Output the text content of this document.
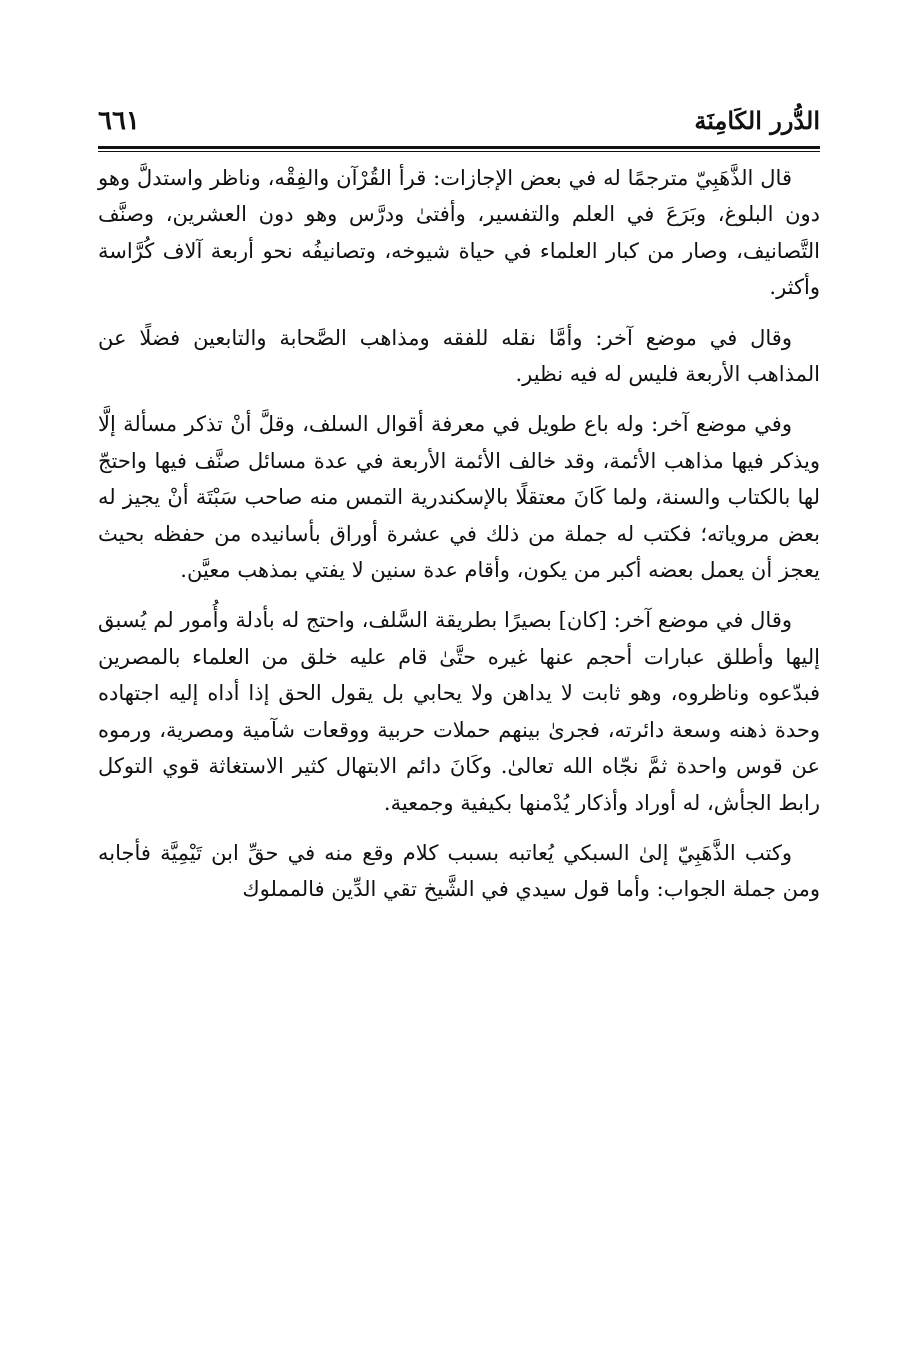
الدُّرر الكَامِنَة
٦٦١

قال الذَّهَبِيّ مترجمًا له في بعض الإجازات: قرأ القُرْآن والفِقْه، وناظر واستدلَّ وهو دون البلوغ، وبَرَعَ في العلم والتفسير، وأفتىٰ ودرَّس وهو دون العشرين، وصنَّف التَّصانيف، وصار من كبار العلماء في حياة شيوخه، وتصانيفُه نحو أربعة آلاف كُرَّاسة وأكثر.

وقال في موضع آخر: وأمَّا نقله للفقه ومذاهب الصَّحابة والتابعين فضلًا عن المذاهب الأربعة فليس له فيه نظير.

وفي موضع آخر: وله باع طويل في معرفة أقوال السلف، وقلَّ أنْ تذكر مسألة إلَّا ويذكر فيها مذاهب الأئمة، وقد خالف الأئمة الأربعة في عدة مسائل صنَّف فيها واحتجّ لها بالكتاب والسنة، ولما كَانَ معتقلًا بالإسكندرية التمس منه صاحب سَبْتَة أنْ يجيز له بعض مروياته؛ فكتب له جملة من ذلك في عشرة أوراق بأسانيده من حفظه بحيث يعجز أن يعمل بعضه أكبر من يكون، وأقام عدة سنين لا يفتي بمذهب معيَّن.

وقال في موضع آخر: [كان] بصيرًا بطريقة السَّلف، واحتج له بأدلة وأُمور لم يُسبق إليها وأطلق عبارات أحجم عنها غيره حتَّىٰ قام عليه خلق من العلماء بالمصرين فبدّعوه وناظروه، وهو ثابت لا يداهن ولا يحابي بل يقول الحق إذا أداه إليه اجتهاده وحدة ذهنه وسعة دائرته، فجرىٰ بينهم حملات حربية ووقعات شآمية ومصرية، ورموه عن قوس واحدة ثمَّ نجّاه الله تعالىٰ. وكَانَ دائم الابتهال كثير الاستغاثة قوي التوكل رابط الجأش، له أوراد وأذكار يُدْمنها بكيفية وجمعية.

وكتب الذَّهَبِيّ إلىٰ السبكي يُعاتبه بسبب كلام وقع منه في حقِّ ابن تَيْمِيَّة فأجابه ومن جملة الجواب: وأما قول سيدي في الشَّيخ تقي الدِّين فالمملوك
